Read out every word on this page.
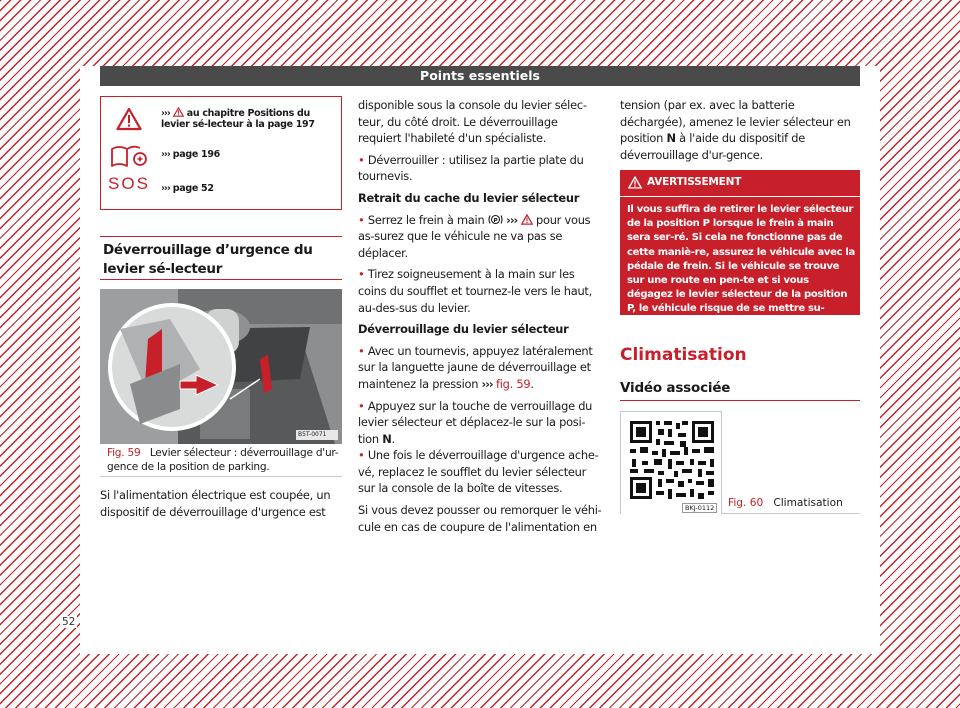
Points essentiels
›››  au chapitre Positions du levier sé-lecteur à la page 197
››› page 196
SOS	››› page 52
Déverrouillage d’urgence du levier sé-lecteur
B5T-0071
Fig. 59 Levier sélecteur : déverrouillage d'ur-gence de la position de parking.

Si l'alimentation électrique est coupée, un dispositif de déverrouillage d'urgence est

disponible sous la console du levier sélec-teur, du côté droit. Le déverrouillage requiert l'habileté d'un spécialiste.

• Déverrouiller : utilisez la partie plate du tournevis.

Retrait du cache du levier sélecteur

• Serrez le frein à main P ›››  pour vous as-surez que le véhicule ne va pas se déplacer.

• Tirez soigneusement à la main sur les coins du soufflet et tournez-le vers le haut, au-des-sus du levier.

Déverrouillage du levier sélecteur

• Avec un tournevis, appuyez latéralement sur la languette jaune de déverrouillage et maintenez la pression ››› fig. 59.

• Appuyez sur la touche de verrouillage du levier sélecteur et déplacez-le sur la posi-tion N.

• Une fois le déverrouillage d'urgence ache-vé, replacez le soufflet du levier sélecteur sur la console de la boîte de vitesses.

Si vous devez pousser ou remorquer le véhi-cule en cas de coupure de l'alimentation en

tension (par ex. avec la batterie déchargée), amenez le levier sélecteur en position N à l'aide du dispositif de déverrouillage d'ur-gence.

AVERTISSEMENT
Il vous suffira de retirer le levier sélecteur de la position P lorsque le frein à main sera ser-ré. Si cela ne fonctionne pas de cette maniè-re, assurez le véhicule avec la pédale de frein. Si le véhicule se trouve sur une route en pen-te et si vous dégagez le levier sélecteur de la position P, le véhicule risque de se mettre su-bitement en mouvement – risque d'accident !
Climatisation
Vidéo associée
BKJ-0112 Fig. 60 Climatisation
52
